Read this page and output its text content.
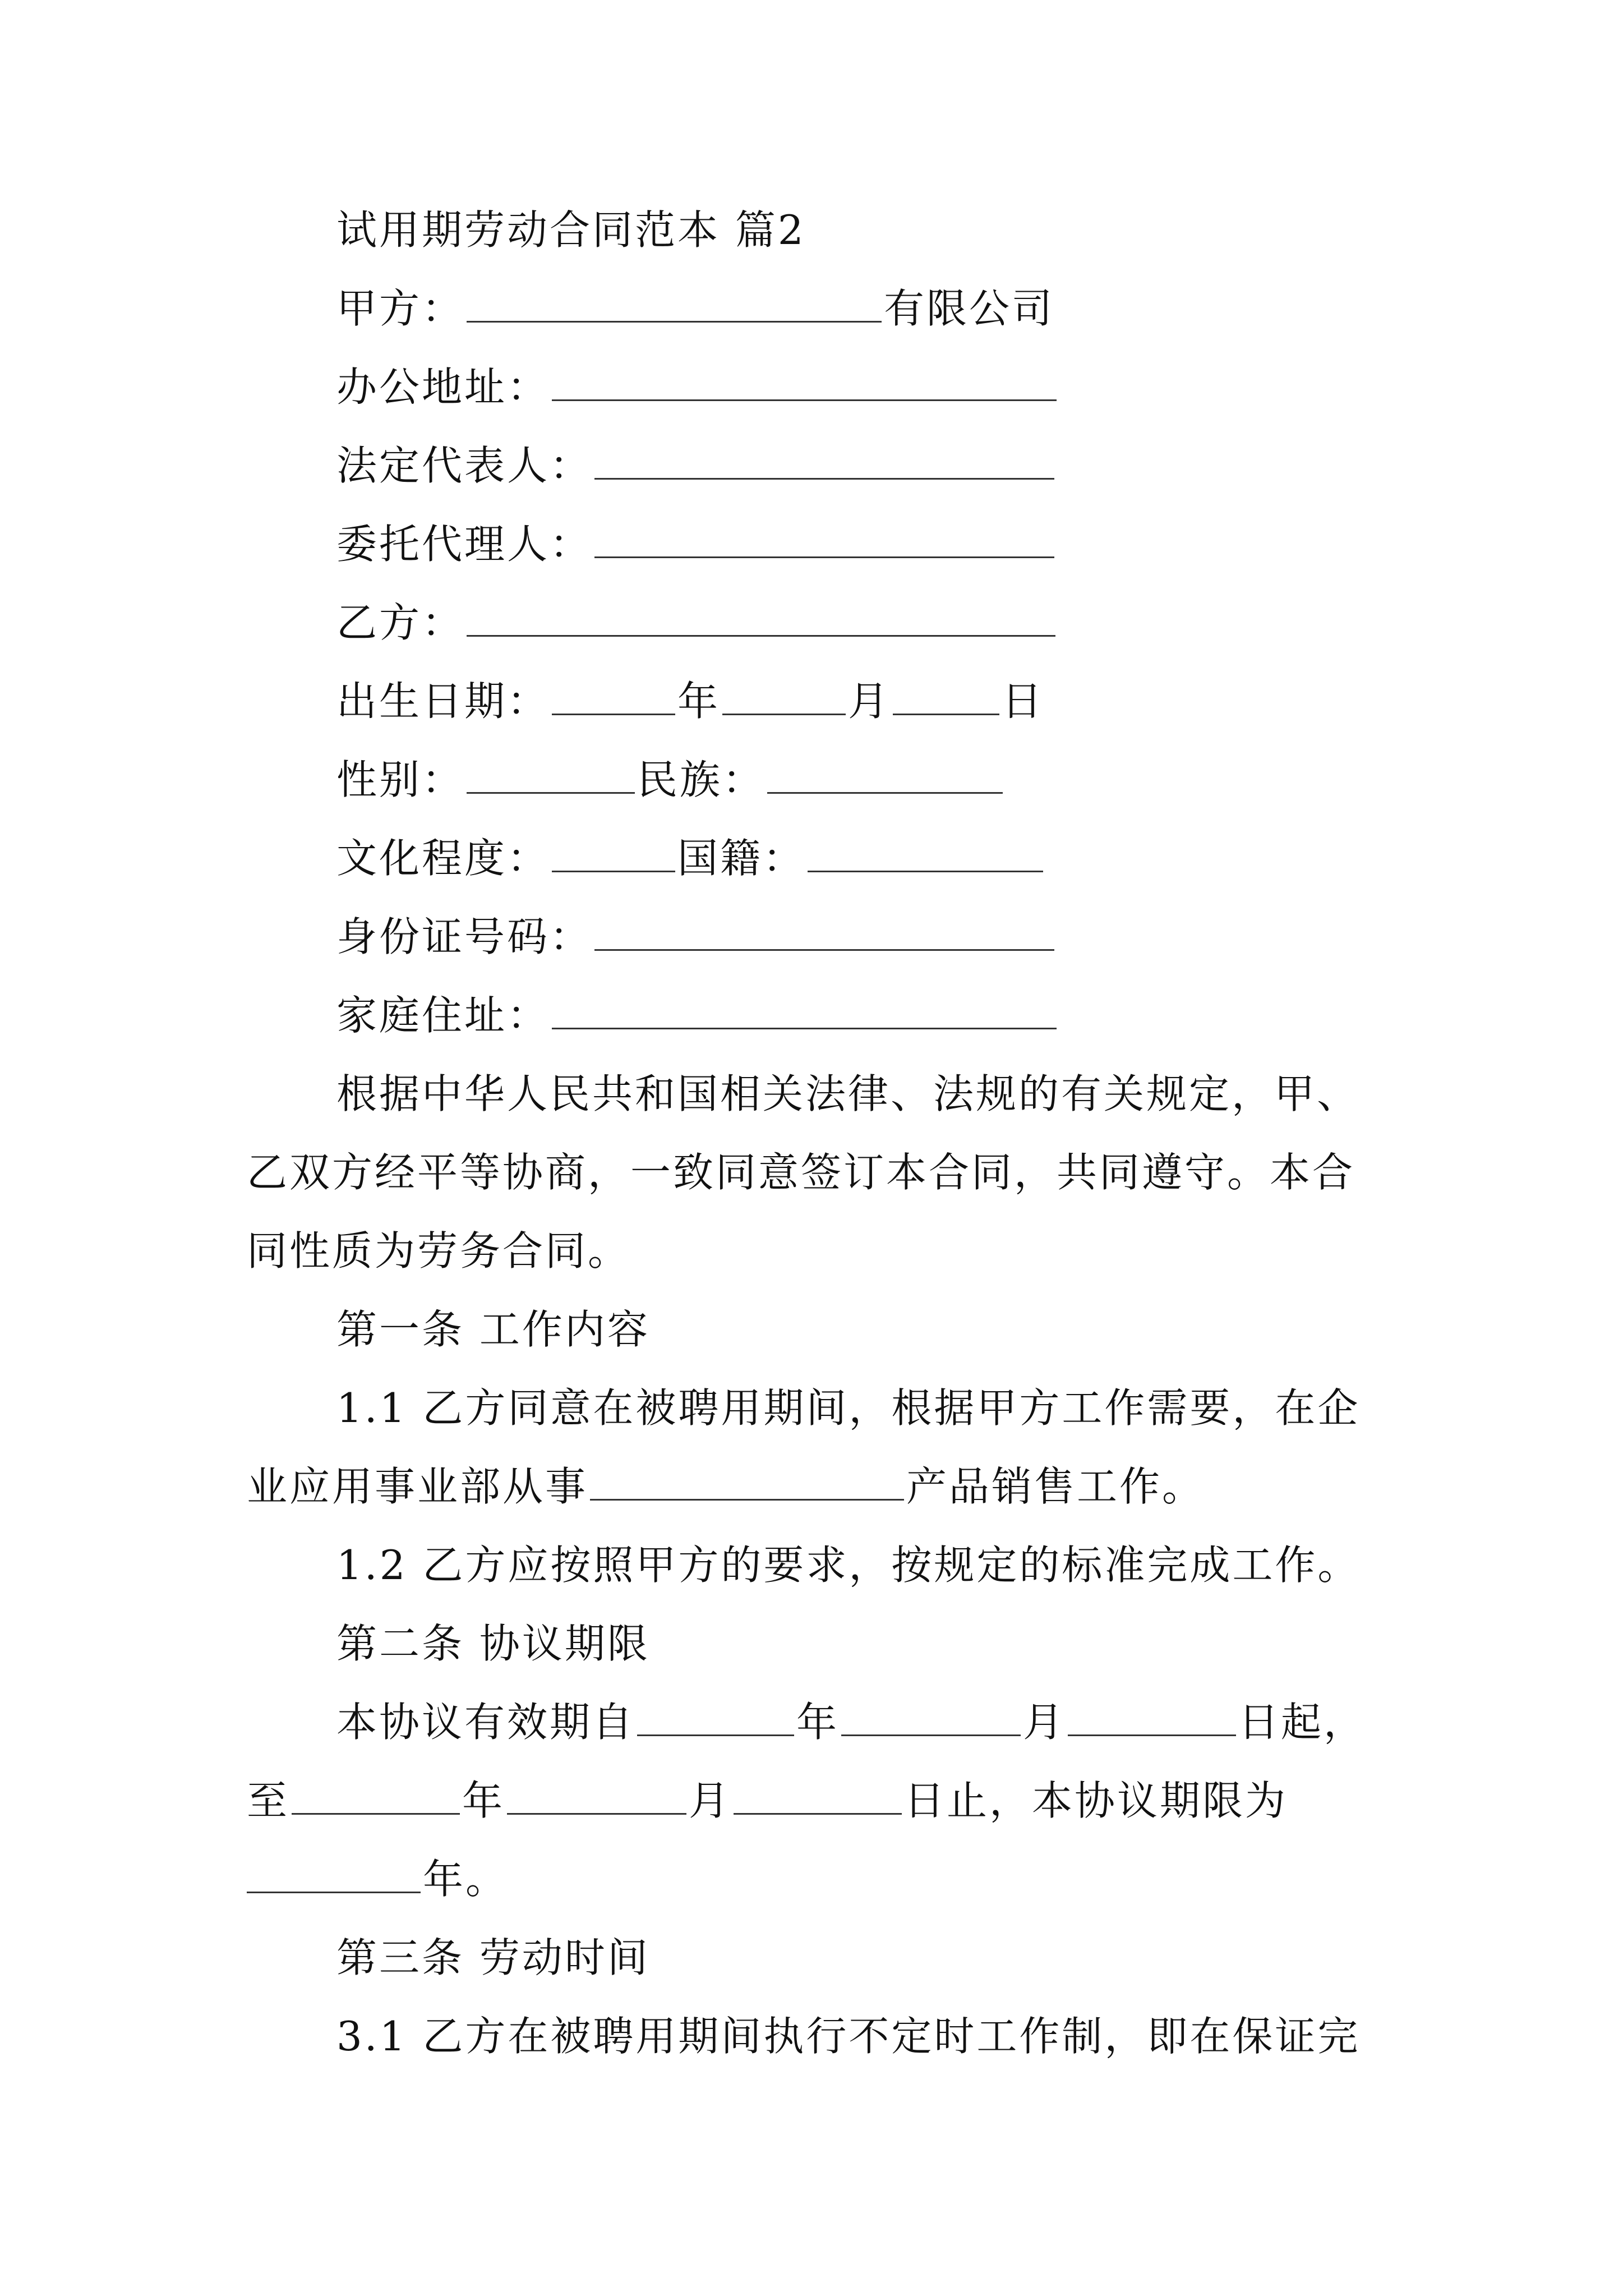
试用期劳动合同范本 篇2
甲方：	有限公司
办公地址：
法定代表人：
委托代理人：
乙方：
出生日期：	年	月	日
性别：	民族：
文化程度：	国籍：
身份证号码：
家庭住址：
根据中华人民共和国相关法律、法规的有关规定，甲、
乙双方经平等协商，一致同意签订本合同，共同遵守。本合
同性质为劳务合同。
第一条 工作内容
1.1 乙方同意在被聘用期间，根据甲方工作需要，在企
业应用事业部从事	产品销售工作。
1.2 乙方应按照甲方的要求，按规定的标准完成工作。
第二条 协议期限
本协议有效期自	年	月	日起，
至	年	月	日止，本协议期限为
年。
第三条 劳动时间
3.1 乙方在被聘用期间执行不定时工作制，即在保证完
